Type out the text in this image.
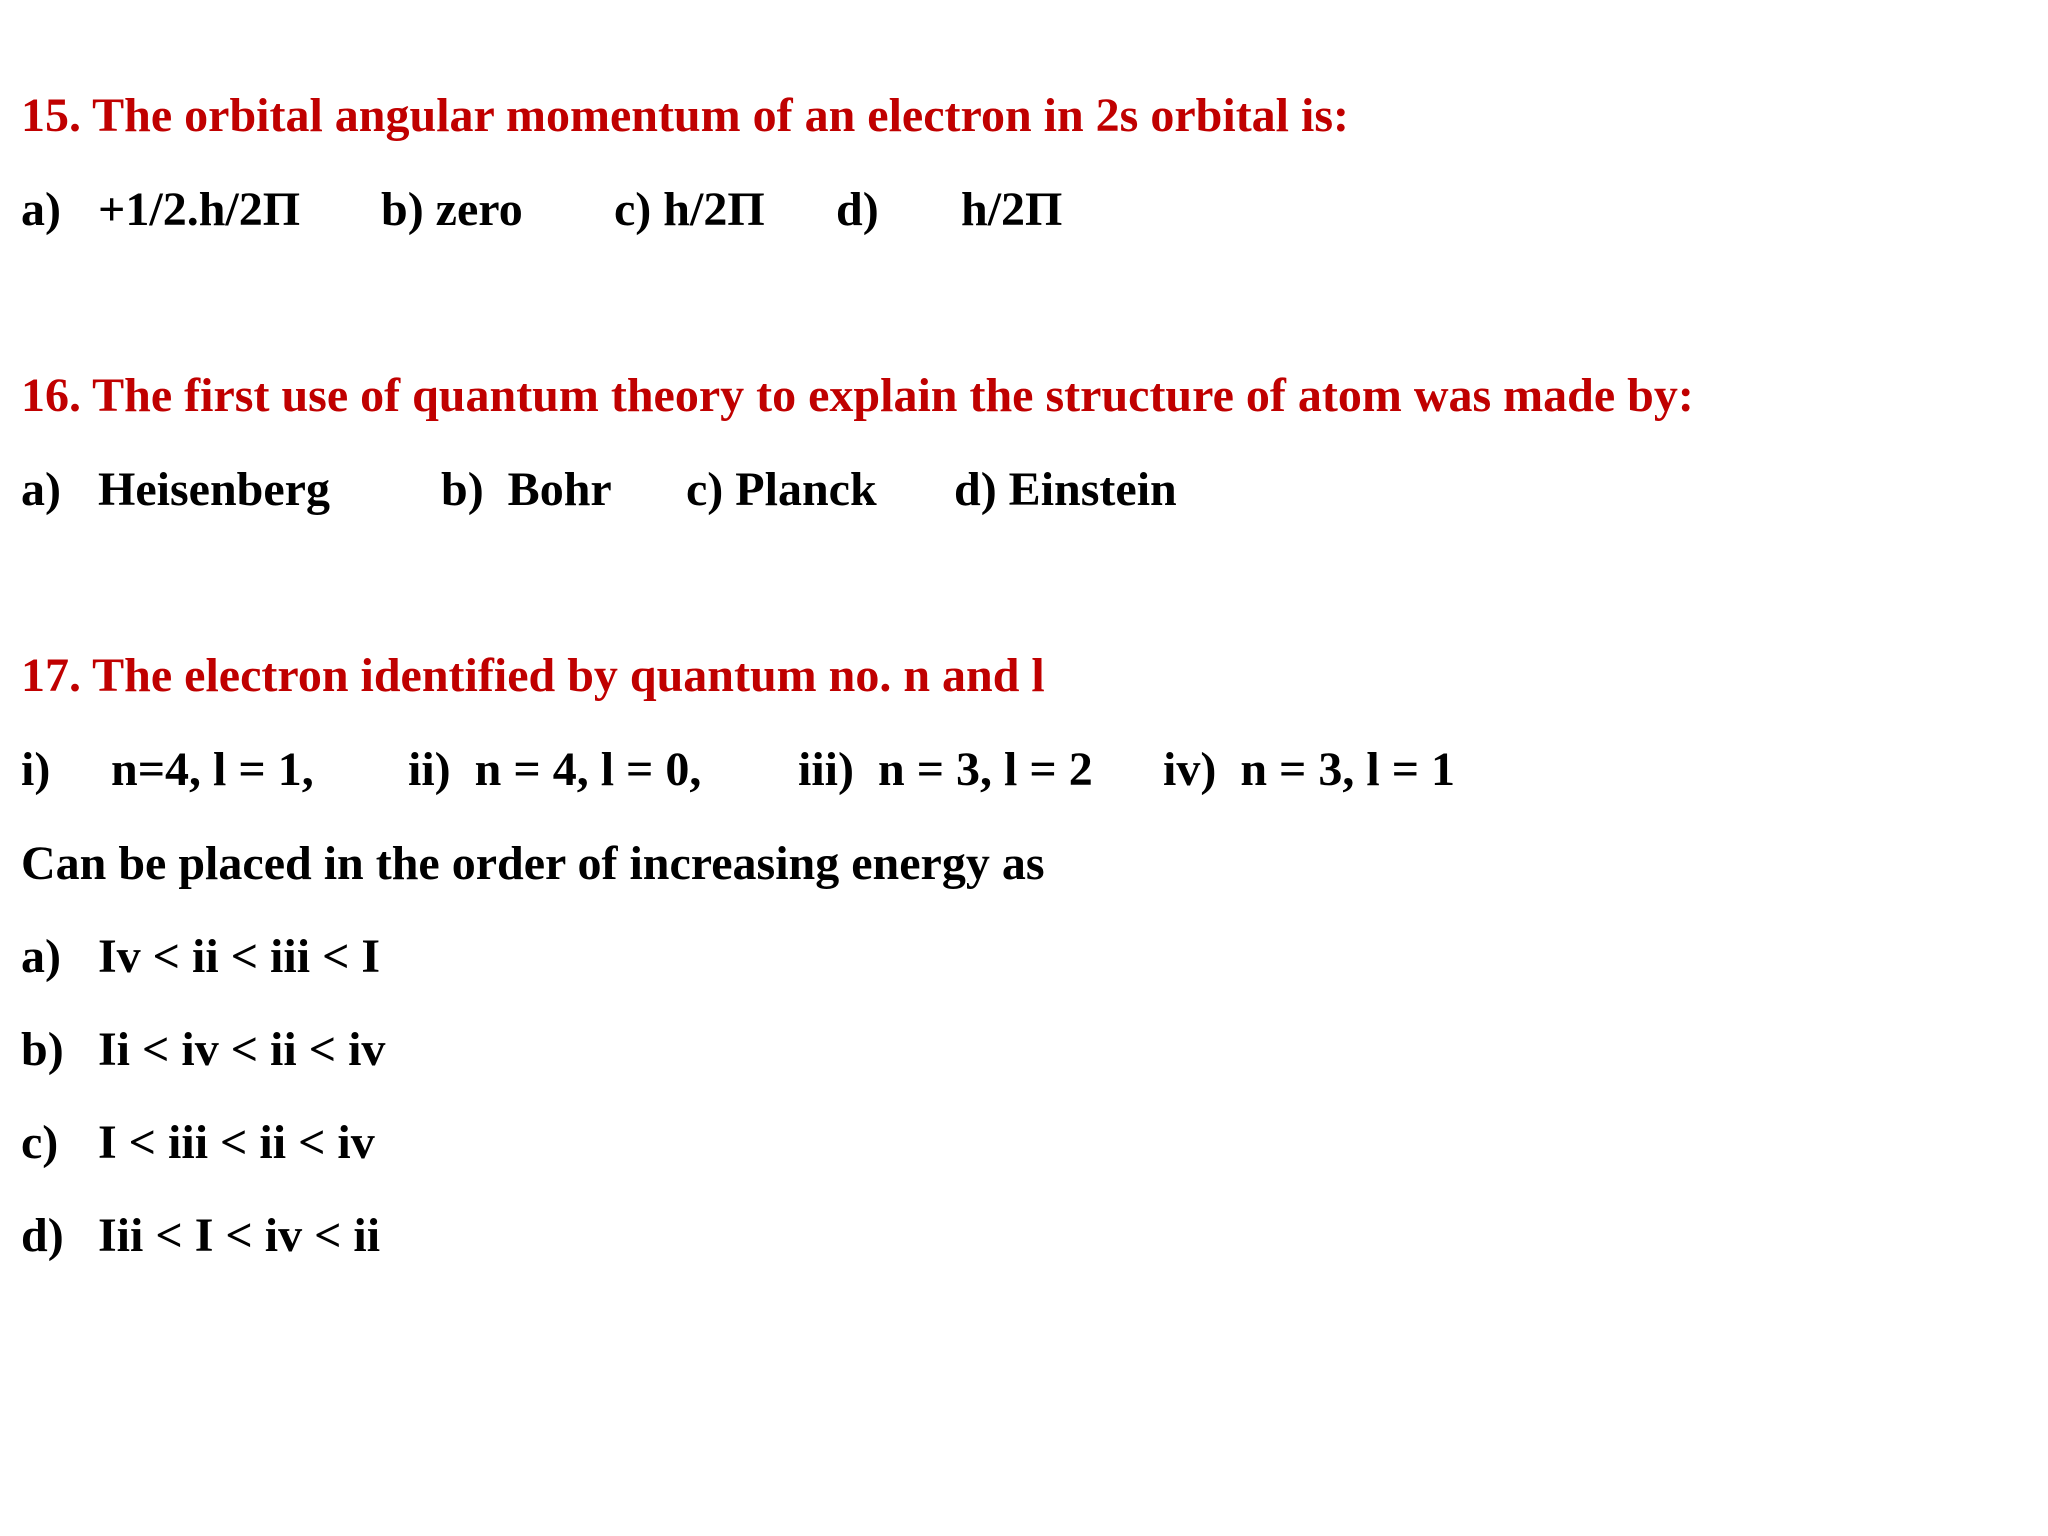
15. The orbital angular momentum of an electron in 2s orbital is:

a)

+1/2.h/2Π

b) zero

c) h/2Π

d)

h/2Π

16. The first use of quantum theory to explain the structure of atom was made by:

a)

Heisenberg

b)  Bohr

c) Planck

d) Einstein

17. The electron identified by quantum no. n and l

i)

n=4, l = 1,

ii)  n = 4, l = 0,

iii)  n = 3, l = 2

iv)  n = 3, l = 1

Can be placed in the order of increasing energy as

a)

Iv < ii < iii < I

b)

Ii < iv < ii < iv

c)

I < iii < ii < iv

d)

Iii < I < iv < ii
